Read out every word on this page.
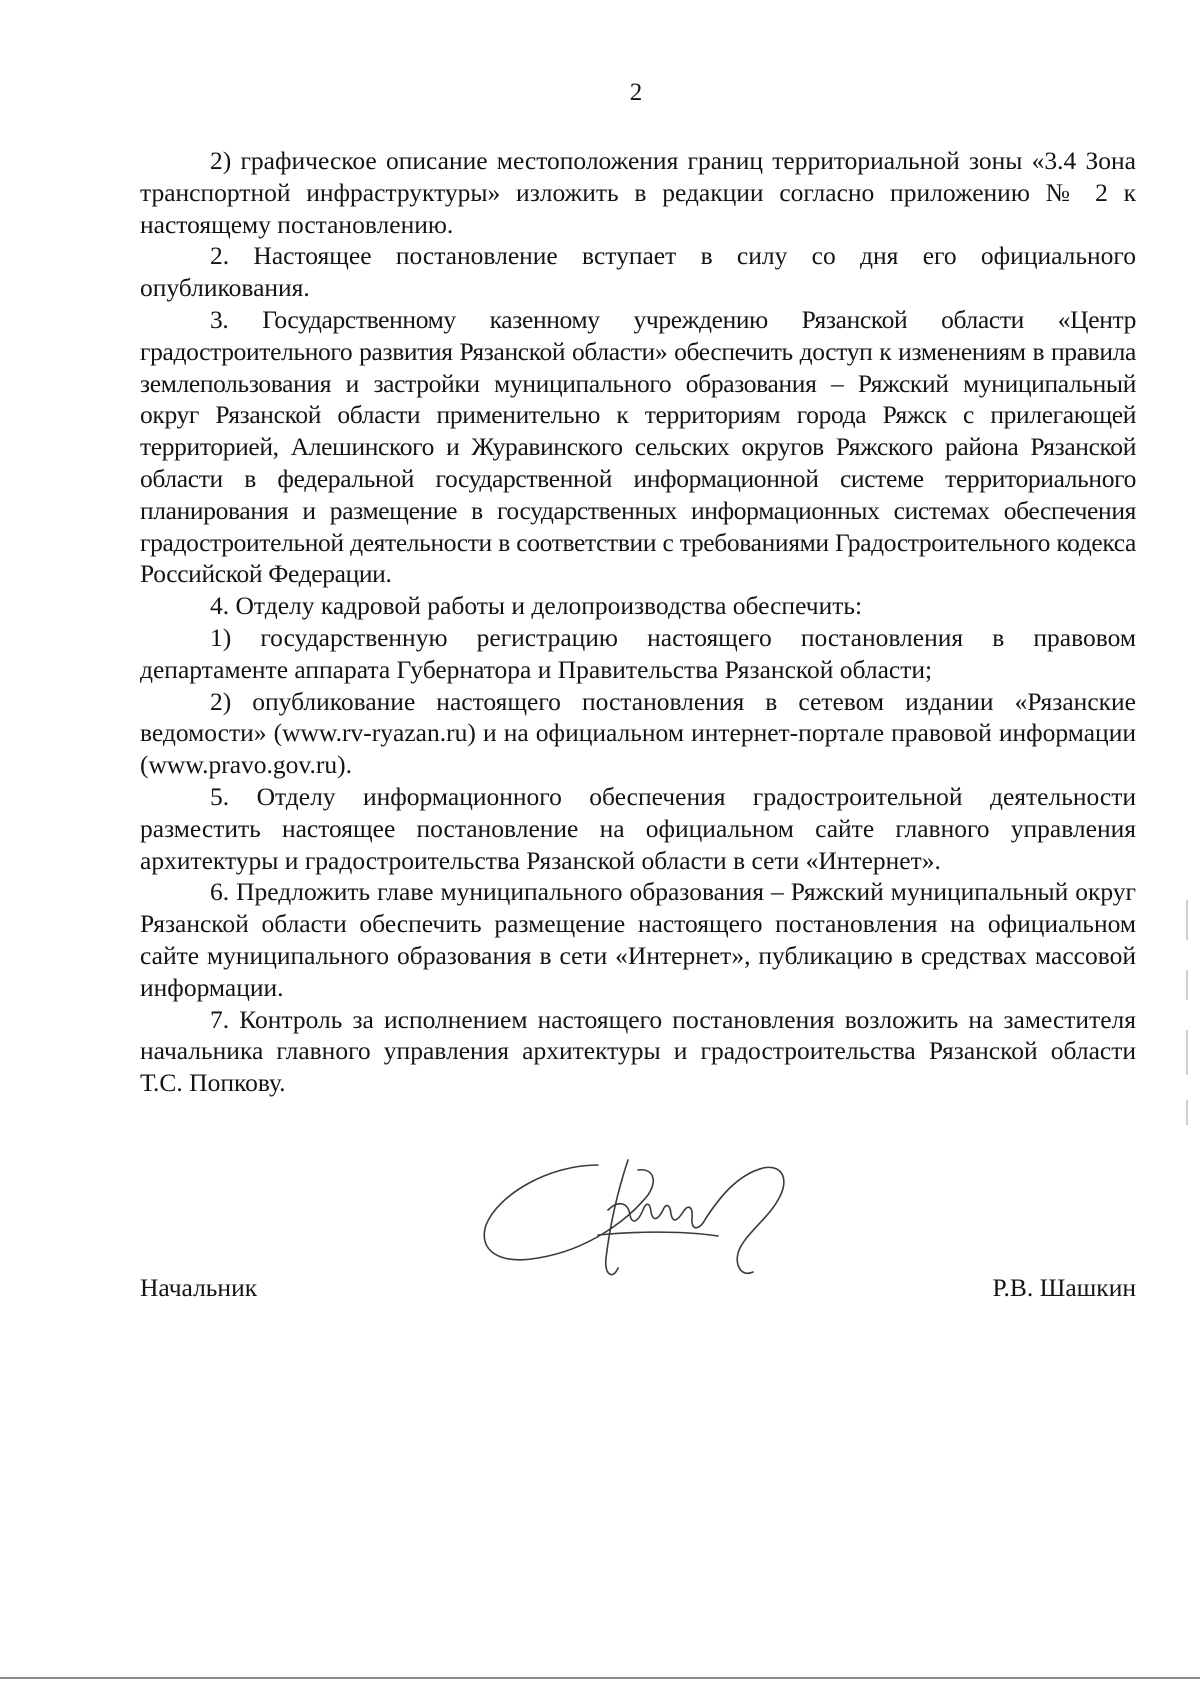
2

2) графическое описание местоположения границ территориальной зоны «3.4 Зона транспортной инфраструктуры» изложить в редакции согласно приложению № 2 к настоящему постановлению.

2. Настоящее постановление вступает в силу со дня его официального опубликования.

3. Государственному казенному учреждению Рязанской области «Центр градостроительного развития Рязанской области» обеспечить доступ к изменениям в правила землепользования и застройки муниципального образования – Ряжский муниципальный округ Рязанской области применительно к территориям города Ряжск с прилегающей территорией, Алешинского и Журавинского сельских округов Ряжского района Рязанской области в федеральной государственной информационной системе территориального планирования и размещение в государственных информационных системах обеспечения градостроительной деятельности в соответствии с требованиями Градостроительного кодекса Российской Федерации.

4. Отделу кадровой работы и делопроизводства обеспечить:

1) государственную регистрацию настоящего постановления в правовом департаменте аппарата Губернатора и Правительства Рязанской области;

2) опубликование настоящего постановления в сетевом издании «Рязанские ведомости» (www.rv-ryazan.ru) и на официальном интернет-портале правовой информации (www.pravo.gov.ru).

5. Отделу информационного обеспечения градостроительной деятельности разместить настоящее постановление на официальном сайте главного управления архитектуры и градостроительства Рязанской области в сети «Интернет».

6. Предложить главе муниципального образования – Ряжский муниципальный округ Рязанской области обеспечить размещение настоящего постановления на официальном сайте муниципального образования в сети «Интернет», публикацию в средствах массовой информации.

7. Контроль за исполнением настоящего постановления возложить на заместителя начальника главного управления архитектуры и градостроительства Рязанской области Т.С. Попкову.

Начальник	Р.В. Шашкин
